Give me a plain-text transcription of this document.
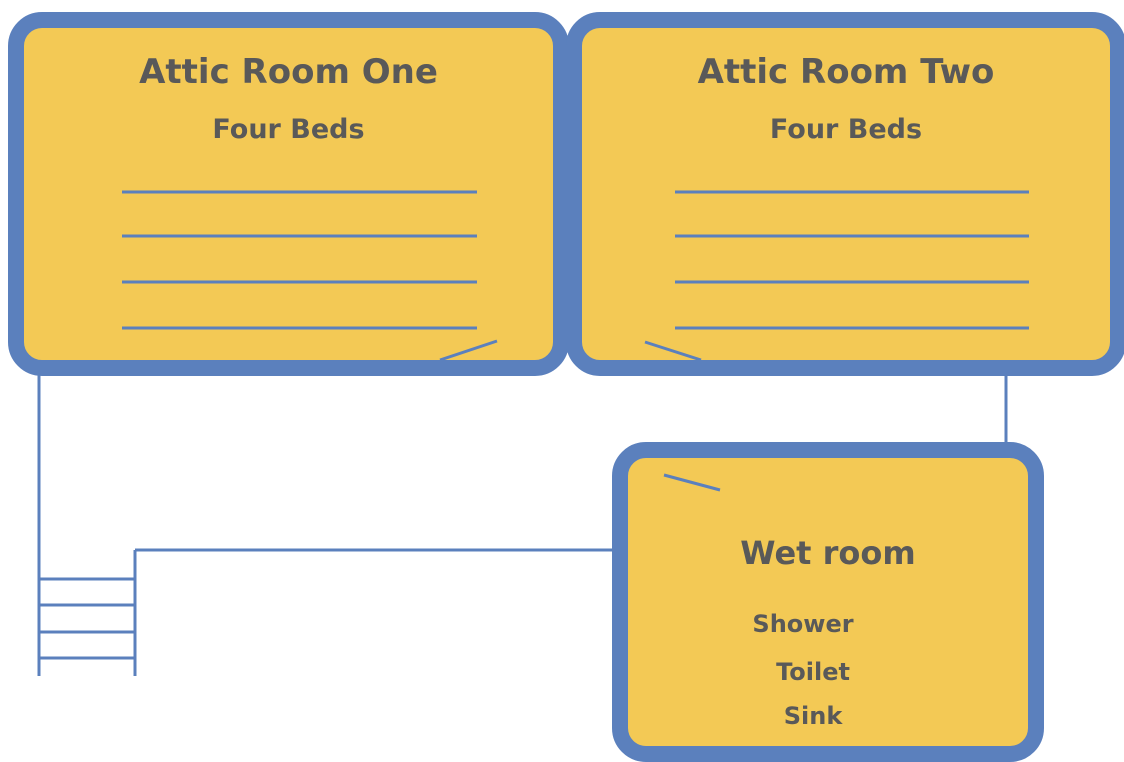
Attic Room One

Four Beds

Attic Room Two

Four Beds

Wet room

Shower

Toilet

Sink
